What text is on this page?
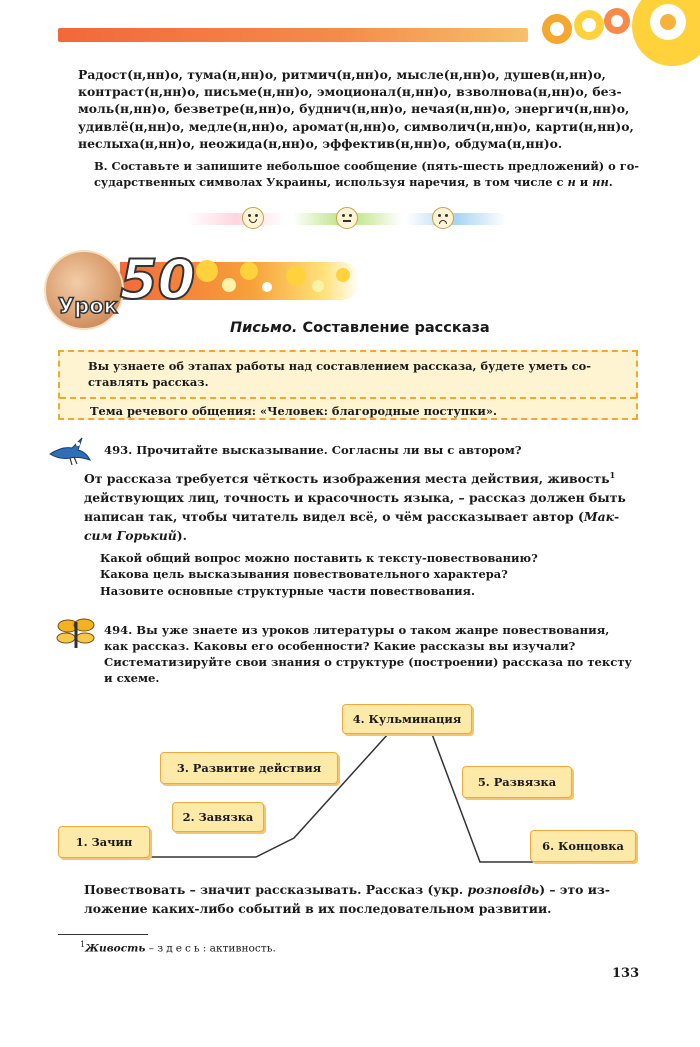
Радост(н,нн)о, тума(н,нн)о, ритмич(н,нн)о, мысле(н,нн)о, душев(н,нн)о,
контраст(н,нн)о, письме(н,нн)о, эмоционал(н,нн)о, взволнова(н,нн)о, без-
моль(н,нн)о, безветре(н,нн)о, буднич(н,нн)о, нечая(н,нн)о, энергич(н,нн)о,
удивлё(н,нн)о, медле(н,нн)о, аромат(н,нн)о, символич(н,нн)о, карти(н,нн)о,
неслыха(н,нн)о, неожида(н,нн)о, эффектив(н,нн)о, обдума(н,нн)о.
В. Составьте и запишите небольшое сообщение (пять-шесть предложений) о го-
сударственных символах Украины, используя наречия, в том числе с н и нн.
Урок 50
Письмо. Составление рассказа
Вы узнаете об этапах работы над составлением рассказа, будете уметь со-
ставлять рассказ.
Тема речевого общения: «Человек: благородные поступки».
493. Прочитайте высказывание. Согласны ли вы с автором?
От рассказа требуется чёткость изображения места действия, живость$^1$
действующих лиц, точность и красочность языка, – рассказ должен быть
написан так, чтобы читатель видел всё, о чём рассказывает автор (Мак-
сим Горький).
Какой общий вопрос можно поставить к тексту-повествованию?
Какова цель высказывания повествовательного характера?
Назовите основные структурные части повествования.
494. Вы уже знаете из уроков литературы о таком жанре повествования,
как рассказ. Каковы его особенности? Какие рассказы вы изучали?
Систематизируйте свои знания о структуре (построении) рассказа по тексту
и схеме.
1. Зачин
2. Завязка
3. Развитие действия
4. Кульминация
5. Развязка
6. Концовка
Повествовать – значит рассказывать. Рассказ (укр. розповідь) – это из-
ложение каких-либо событий в их последовательном развитии.
$^1$Живость – здесь: активность.
133
